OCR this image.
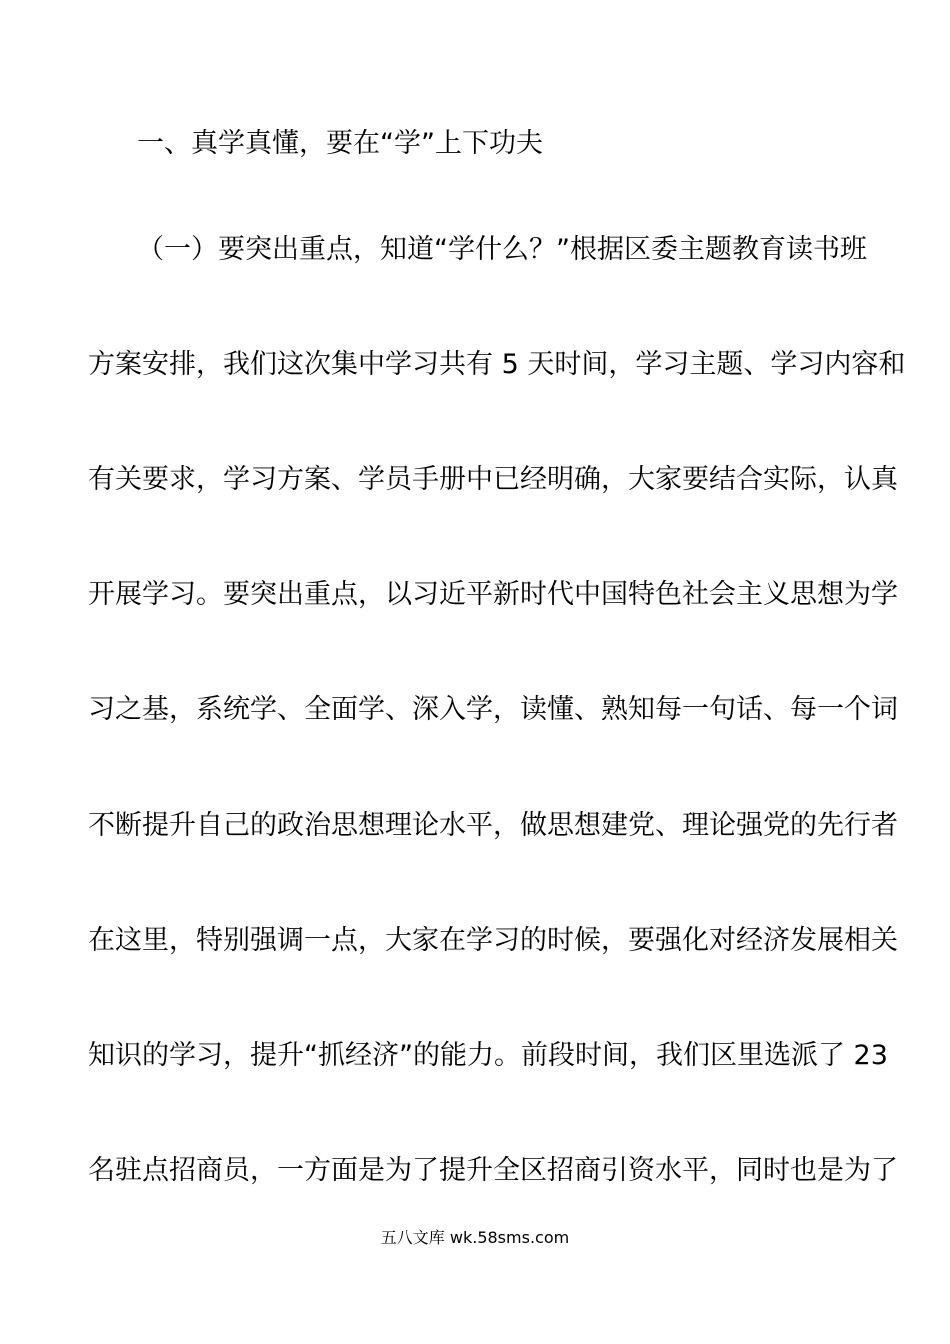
一、真学真懂，要在“学”上下功夫
（一）要突出重点，知道“学什么？”根据区委主题教育读书班
方案安排，我们这次集中学习共有 5 天时间，学习主题、学习内容和
有关要求，学习方案、学员手册中已经明确，大家要结合实际，认真
开展学习。要突出重点，以习近平新时代中国特色社会主义思想为学
习之基，系统学、全面学、深入学，读懂、熟知每一句话、每一个词
不断提升自己的政治思想理论水平，做思想建党、理论强党的先行者
在这里，特别强调一点，大家在学习的时候，要强化对经济发展相关
知识的学习，提升“抓经济”的能力。前段时间，我们区里选派了 23
名驻点招商员，一方面是为了提升全区招商引资水平，同时也是为了
五八文库 wk.58sms.com
